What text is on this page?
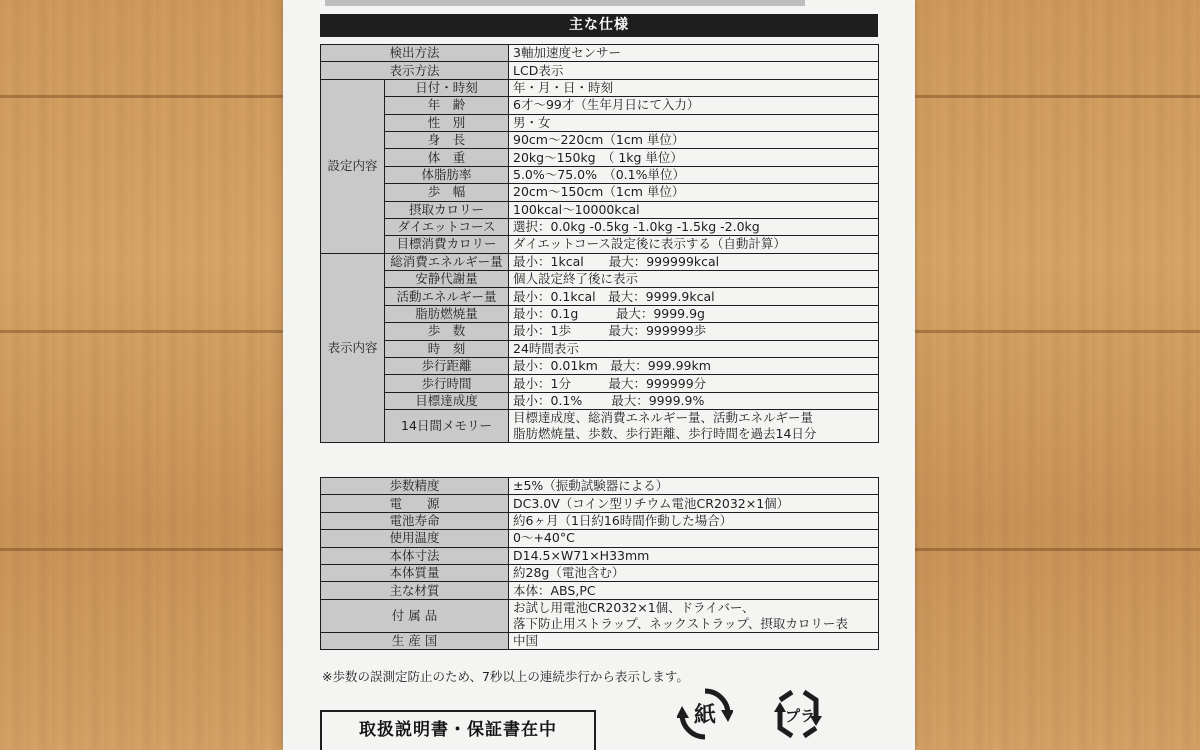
主な仕様
検出方法		3軸加速度センサー
表示方法		LCD表示
設定内容	日付・時刻	年・月・日・時刻
	年　齢	6才～99才（生年月日にて入力）
	性　別	男・女
	身　長	90cm～220cm（1cm 単位）
	体　重	20kg～150kg　（ 1kg 単位）
	体脂肪率	5.0%～75.0%　（0.1%単位）
	歩　幅	20cm～150cm（1cm 単位）
	摂取カロリー	100kcal～10000kcal
	ダイエットコース	選択：0.0kg -0.5kg -1.0kg -1.5kg -2.0kg
	目標消費カロリー	ダイエットコース設定後に表示する（自動計算）
表示内容	総消費エネルギー量	最小：1kcal　　最大：999999kcal
	安静代謝量	個人設定終了後に表示
	活動エネルギー量	最小：0.1kcal　最大：9999.9kcal
	脂肪燃焼量	最小：0.1g　　　最大：9999.9g
	歩　数	最小：1歩　　　最大：999999歩
	時　刻	24時間表示
	歩行距離	最小：0.01km　最大：999.99km
	歩行時間	最小：1分　　　最大：999999分
	目標達成度	最小：0.1%　　 最大：9999.9%
	14日間メモリー	目標達成度、総消費エネルギー量、活動エネルギー量
脂肪燃焼量、歩数、歩行距離、歩行時間を過去14日分
歩数精度	±5%（振動試験器による）
電　　源	DC3.0V（コイン型リチウム電池CR2032×1個）
電池寿命	約6ヶ月（1日約16時間作動した場合）
使用温度	0～+40°C
本体寸法	D14.5×W71×H33mm
本体質量	約28g（電池含む）
主な材質	本体：ABS,PC
付 属 品	お試し用電池CR2032×1個、ドライバー、
落下防止用ストラップ、ネックストラップ、摂取カロリー表

生 産 国	中国
※歩数の誤測定防止のため、7秒以上の連続歩行から表示します。
取扱説明書・保証書在中
紙	プラ
